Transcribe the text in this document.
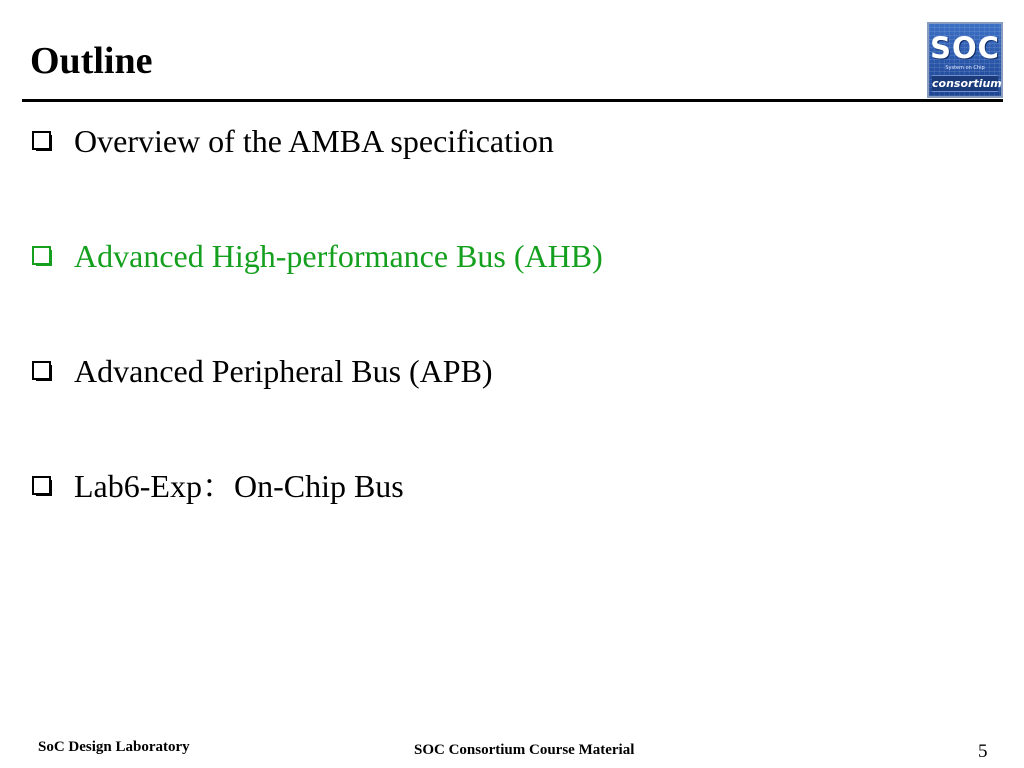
Outline	SOC
System on Chip
consortium
Overview of the AMBA specification
Advanced High-performance Bus (AHB)
Advanced Peripheral Bus (APB)
Lab6-Exp：On-Chip Bus
SoC Design Laboratory	SOC Consortium Course Material	5
